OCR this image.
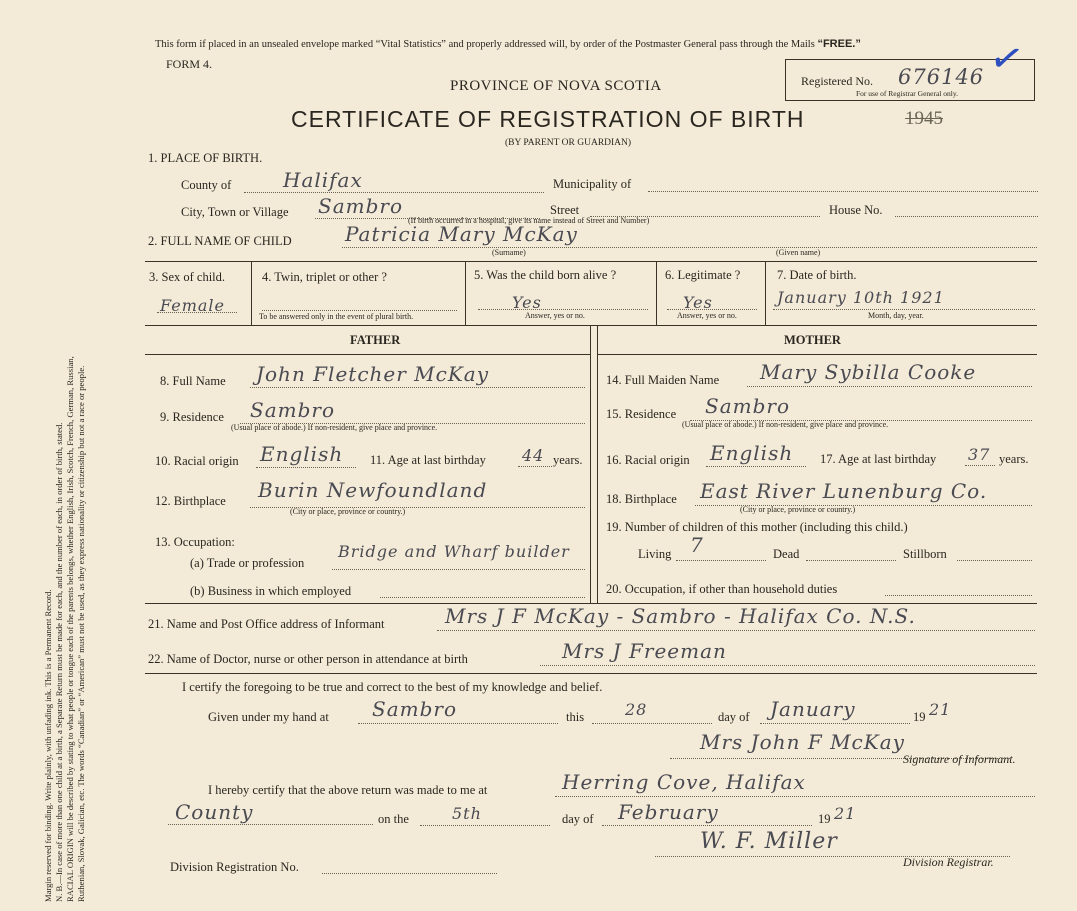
Margin reserved for binding. Write plainly, with unfading ink. This is a Permanent Record. N. B.—In case of more than one child at a birth, a Separate Return must be made for each, and the number of each, in order of birth, stated. RACIAL ORIGIN will be described by stating to what people or tongue each of the parents belongs, whether English, Irish, Scotch, French, German, Russian, Ruthenian, Slovak, Galician, etc. The words “Canadian” or “American” must not be used, as they express nationality or citizenship but not a race or people.
This form if placed in an unsealed envelope marked “Vital Statistics” and properly addressed will, by order of the Postmaster General pass through the Mails “FREE.”
FORM 4.
PROVINCE OF NOVA SCOTIA
CERTIFICATE OF REGISTRATION OF BIRTH	1945
(BY PARENT OR GUARDIAN)
Registered No. 676146
For use of Registrar General only.
✓
1. PLACE OF BIRTH.
County of	Halifax	Municipality of
City, Town or Village Sambro	Street	House No.
(If birth occurred in a hospital, give its name instead of Street and Number)
2. FULL NAME OF CHILD	Patricia Mary McKay
(Surname)	(Given name)
3. Sex of child.
Female
4. Twin, triplet or other ?
To be answered only in the event of plural birth.
5. Was the child born alive ?
Yes
Answer, yes or no.
6. Legitimate ?
Yes
Answer, yes or no.
7. Date of birth.
January 10th 1921
Month, day, year.
FATHER	MOTHER
8. Full Name John Fletcher McKay
9. Residence Sambro
(Usual place of abode.) If non-resident, give place and province.
10. Racial origin English 11. Age at last birthday 44 years.
12. Birthplace Burin Newfoundland
(City or place, province or country.)
13. Occupation:
(a) Trade or profession
Bridge and Wharf builder
(b) Business in which employed
14. Full Maiden Name Mary Sybilla Cooke
15. Residence Sambro
(Usual place of abode.) If non-resident, give place and province.
16. Racial origin English 17. Age at last birthday 37 years.
18. Birthplace East River Lunenburg Co.
(City or place, province or country.)
19. Number of children of this mother (including this child.)
Living 7	Dead	Stillborn
20. Occupation, if other than household duties
21. Name and Post Office address of Informant	Mrs J F McKay - Sambro - Halifax Co. N.S.
22. Name of Doctor, nurse or other person in attendance at birth	Mrs J Freeman
I certify the foregoing to be true and correct to the best of my knowledge and belief.
Given under my hand at Sambro	this	28	day of January	19 21
Mrs John F McKay
Signature of Informant.
I hereby certify that the above return was made to me at	Herring Cove, Halifax
County	on the	5th	day of February	19 21
W. F. Miller
Division Registration No.	Division Registrar.
